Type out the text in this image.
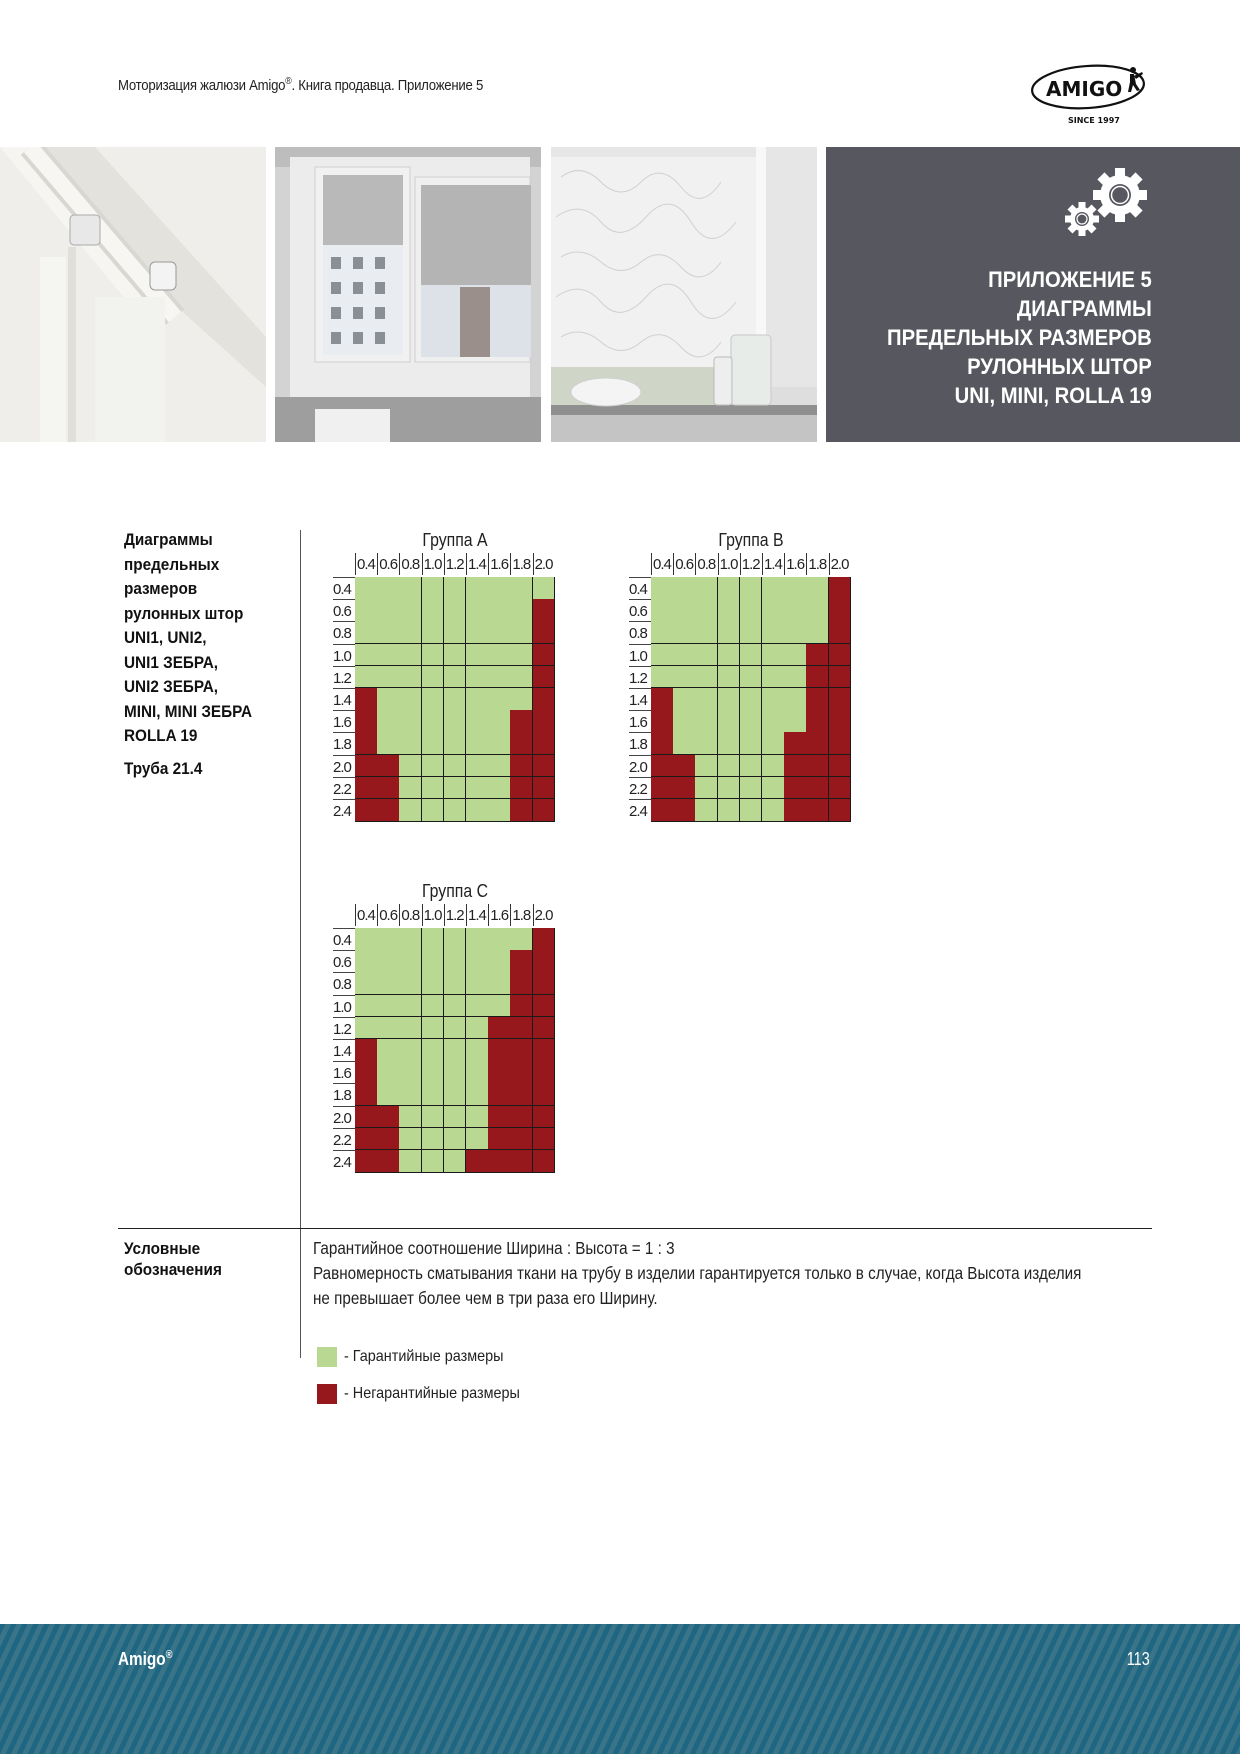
Моторизация жалюзи Amigo®. Книга продавца. Приложение 5	AMIGO
SINCE 1997
ПРИЛОЖЕНИЕ 5
ДИАГРАММЫ
ПРЕДЕЛЬНЫХ РАЗМЕРОВ
РУЛОННЫХ ШТОР
UNI, MINI, ROLLA 19
Диаграммы
предельных
размеров
рулонных штор
UNI1, UNI2,
UNI1 ЗЕБРА,
UNI2 ЗЕБРА,
MINI, MINI ЗЕБРА
ROLLA 19
Труба 21.4
Группа A
0.4 0.6 0.8 1.0 1.2 1.4 1.6 1.8 2.0
0.4
0.6
0.8
1.0
1.2
1.4
1.6
1.8
2.0
2.2
2.4
Группа B
0.4 0.6 0.8 1.0 1.2 1.4 1.6 1.8 2.0
0.4
0.6
0.8
1.0
1.2
1.4
1.6
1.8
2.0
2.2
2.4
Группа C
0.4 0.6 0.8 1.0 1.2 1.4 1.6 1.8 2.0
0.4
0.6
0.8
1.0
1.2
1.4
1.6
1.8
2.0
2.2
2.4
Условные
обозначения
Гарантийное соотношение Ширина : Высота = 1 : 3
Равномерность сматывания ткани на трубу в изделии гарантируется только в случае, когда Высота изделия
не превышает более чем в три раза его Ширину.
- Гарантийные размеры
- Негарантийные размеры
Amigo®	113
